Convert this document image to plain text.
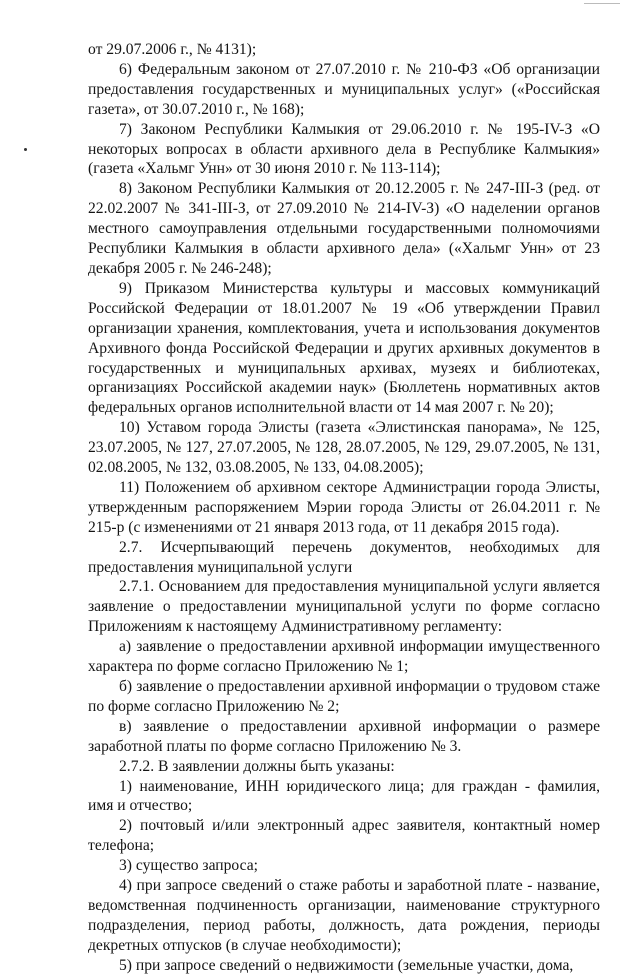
от 29.07.2006 г., № 4131);

6) Федеральным законом от 27.07.2010 г. № 210-ФЗ «Об организации предоставления государственных и муниципальных услуг» («Российская газета», от 30.07.2010 г., № 168);

7) Законом Республики Калмыкия от 29.06.2010 г. № 195-IV-З «О некоторых вопросах в области архивного дела в Республике Калмыкия» (газета «Хальмг Унн» от 30 июня 2010 г. № 113-114);

8) Законом Республики Калмыкия от 20.12.2005 г. № 247-III-З (ред. от 22.02.2007 № 341-III-З, от 27.09.2010 № 214-IV-З) «О наделении органов местного самоуправления отдельными государственными полномочиями Республики Калмыкия в области архивного дела» («Хальмг Унн» от 23 декабря 2005 г. № 246-248);

9) Приказом Министерства культуры и массовых коммуникаций Российской Федерации от 18.01.2007 № 19 «Об утверждении Правил организации хранения, комплектования, учета и использования документов Архивного фонда Российской Федерации и других архивных документов в государственных и муниципальных архивах, музеях и библиотеках, организациях Российской академии наук» (Бюллетень нормативных актов федеральных органов исполнительной власти от 14 мая 2007 г. № 20);

10) Уставом города Элисты (газета «Элистинская панорама», № 125, 23.07.2005, № 127, 27.07.2005, № 128, 28.07.2005, № 129, 29.07.2005, № 131, 02.08.2005, № 132, 03.08.2005, № 133, 04.08.2005);

11) Положением об архивном секторе Администрации города Элисты, утвержденным распоряжением Мэрии города Элисты от 26.04.2011 г. № 215-р (с изменениями от 21 января 2013 года, от 11 декабря 2015 года).

2.7. Исчерпывающий перечень документов, необходимых для предоставления муниципальной услуги

2.7.1. Основанием для предоставления муниципальной услуги является заявление о предоставлении муниципальной услуги по форме согласно Приложениям к настоящему Административному регламенту:

а) заявление о предоставлении архивной информации имущественного характера по форме согласно Приложению № 1;

б) заявление о предоставлении архивной информации о трудовом стаже по форме согласно Приложению № 2;

в) заявление о предоставлении архивной информации о размере заработной платы по форме согласно Приложению № 3.

2.7.2. В заявлении должны быть указаны:

1) наименование, ИНН юридического лица; для граждан - фамилия, имя и отчество;

2) почтовый и/или электронный адрес заявителя, контактный номер телефона;

3) существо запроса;

4) при запросе сведений о стаже работы и заработной плате - название, ведомственная подчиненность организации, наименование структурного подразделения, период работы, должность, дата рождения, периоды декретных отпусков (в случае необходимости);

5) при запросе сведений о недвижимости (земельные участки, дома,
